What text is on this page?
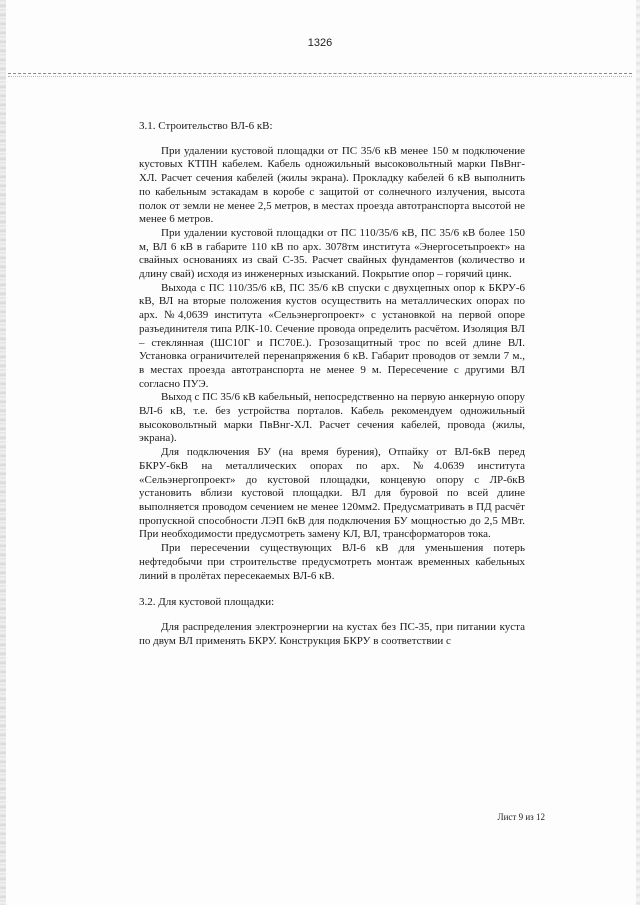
1326

3.1. Строительство ВЛ-6 кВ:

При удалении кустовой площадки от ПС 35/6 кВ менее 150 м подключение кустовых КТПН кабелем. Кабель одножильный высоковольтный марки ПвВнг-ХЛ. Расчет сечения кабелей (жилы экрана). Прокладку кабелей 6 кВ выполнить по кабельным эстакадам в коробе с защитой от солнечного излучения, высота полок от земли не менее 2,5 метров, в местах проезда автотранспорта высотой не менее 6 метров.

При удалении кустовой площадки от ПС 110/35/6 кВ, ПС 35/6 кВ более 150 м, ВЛ 6 кВ в габарите 110 кВ по арх. 3078тм института «Энергосетьпроект» на свайных основаниях из свай С-35. Расчет свайных фундаментов (количество и длину свай) исходя из инженерных изысканий. Покрытие опор – горячий цинк.

Выхода с ПС 110/35/6 кВ, ПС 35/6 кВ спуски с двухцепных опор к БКРУ-6 кВ, ВЛ на вторые положения кустов осуществить на металлических опорах по арх. №4,0639 института «Сельэнергопроект» с установкой на первой опоре разъединителя типа РЛК-10. Сечение провода определить расчётом. Изоляция ВЛ – стеклянная (ШС10Г и ПС70Е.). Грозозащитный трос по всей длине ВЛ. Установка ограничителей перенапряжения 6 кВ. Габарит проводов от земли 7 м., в местах проезда автотранспорта не менее 9 м. Пересечение с другими ВЛ согласно ПУЭ.

Выход с ПС 35/6 кВ кабельный, непосредственно на первую анкерную опору ВЛ-6 кВ, т.е. без устройства порталов. Кабель рекомендуем одножильный высоковольтный марки ПвВнг-ХЛ. Расчет сечения кабелей, провода (жилы, экрана).

Для подключения БУ (на время бурения), Отпайку от ВЛ-6кВ перед БКРУ-6кВ на металлических опорах по арх. №4.0639 института «Сельэнергопроект» до кустовой площадки, концевую опору с ЛР-6кВ установить вблизи кустовой площадки. ВЛ для буровой по всей длине выполняется проводом сечением не менее 120мм2. Предусматривать в ПД расчёт пропускной способности ЛЭП 6кВ для подключения БУ мощностью до 2,5 МВт. При необходимости предусмотреть замену КЛ, ВЛ, трансформаторов тока.

При пересечении существующих ВЛ-6 кВ для уменьшения потерь нефтедобычи при строительстве предусмотреть монтаж временных кабельных линий в пролётах пересекаемых ВЛ-6 кВ.

3.2. Для кустовой площадки:

Для распределения электроэнергии на кустах без ПС-35, при питании куста по двум ВЛ применять БКРУ. Конструкция БКРУ в соответствии с

Лист 9 из 12
